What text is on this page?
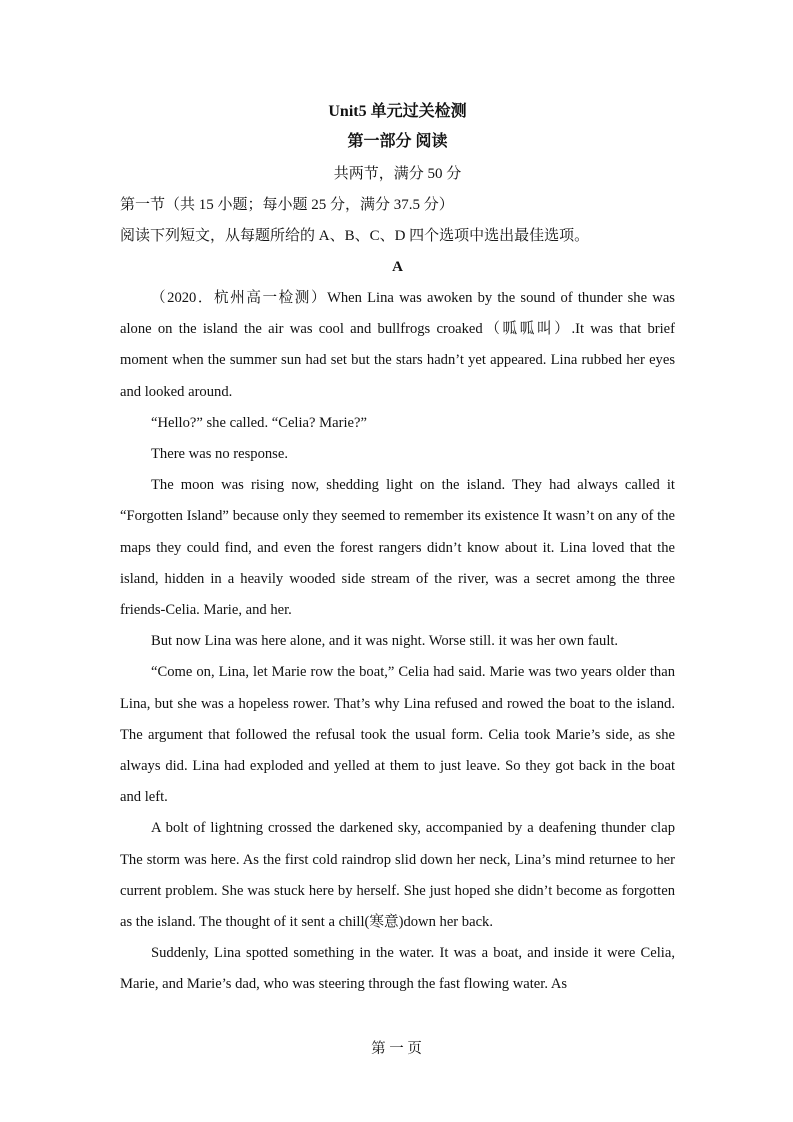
Unit5 单元过关检测

第一部分 阅读

共两节，满分 50 分

第一节（共 15 小题；每小题 25 分，满分 37.5 分）

阅读下列短文，从每题所给的 A、B、C、D 四个选项中选出最佳选项。

A

（2020．杭州高一检测）When Lina was awoken by the sound of thunder she was alone on the island the air was cool and bullfrogs croaked（呱呱叫）.It was that brief moment when the summer sun had set but the stars hadn’t yet appeared. Lina rubbed her eyes and looked around.

“Hello?” she called. “Celia? Marie?”

There was no response.

The moon was rising now, shedding light on the island. They had always called it “Forgotten Island” because only they seemed to remember its existence It wasn’t on any of the maps they could find, and even the forest rangers didn’t know about it. Lina loved that the island, hidden in a heavily wooded side stream of the river, was a secret among the three friends-Celia. Marie, and her.

But now Lina was here alone, and it was night. Worse still. it was her own fault.

“Come on, Lina, let Marie row the boat,” Celia had said. Marie was two years older than Lina, but she was a hopeless rower. That’s why Lina refused and rowed the boat to the island. The argument that followed the refusal took the usual form. Celia took Marie’s side, as she always did. Lina had exploded and yelled at them to just leave. So they got back in the boat and left.

A bolt of lightning crossed the darkened sky, accompanied by a deafening thunder clap The storm was here. As the first cold raindrop slid down her neck, Lina’s mind returnee to her current problem. She was stuck here by herself. She just hoped she didn’t become as forgotten as the island. The thought of it sent a chill(寒意)down her back.

Suddenly, Lina spotted something in the water. It was a boat, and inside it were Celia, Marie, and Marie’s dad, who was steering through the fast flowing water. As

第 一 页
